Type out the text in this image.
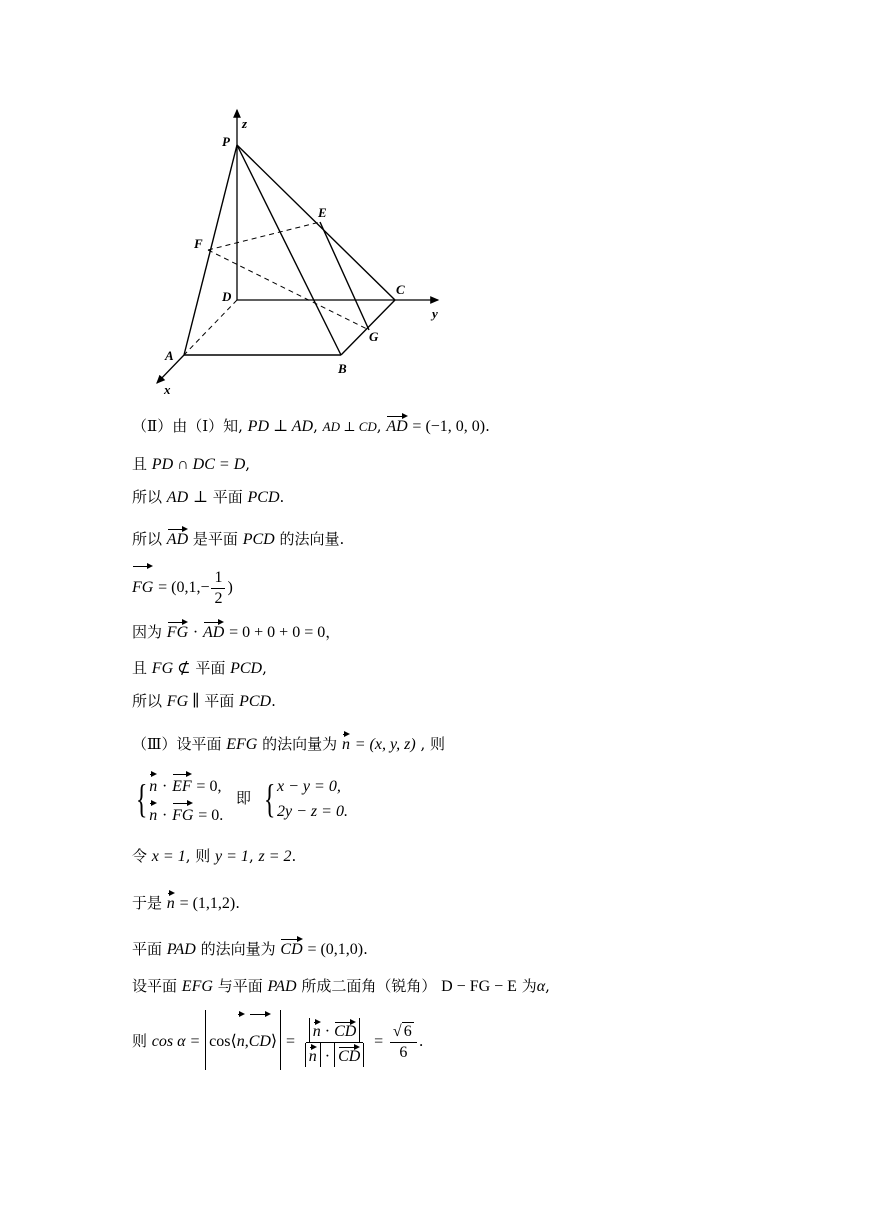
z
P
E
F
C
D
y
G
A
B
x
（Ⅱ）由（Ⅰ）知, PD ⊥ AD, AD ⊥ CD, AD = (−1, 0, 0).
且 PD ∩ DC = D,
所以 AD ⊥ 平面 PCD.
所以 AD 是平面 PCD 的法向量.
FG = ($0,1,- \frac{1}{2}$ )
因为 FG · AD = 0 + 0 + 0 = 0，
且 FG ⊄ 平面 PCD,
所以 FG ∥ 平面 PCD.
（Ⅲ）设平面 EFG 的法向量为 n = (x, y, z) , 则
{ n · EF = 0,
n · FG = 0.
即 { x − y = 0,
2y − z = 0.
令 x = 1, 则 y = 1, z = 2.
于是 n = (1,1,2).
平面 PAD 的法向量为 CD = (0,1,0).
设平面 EFG 与平面 PAD 所成二面角（锐角） D − FG − E 为α,
则 cos α = cos⟨n,CD⟩ = $\frac{n \cdot CD}{n \cdot CD} = \frac{√ 6}{6}$ .
